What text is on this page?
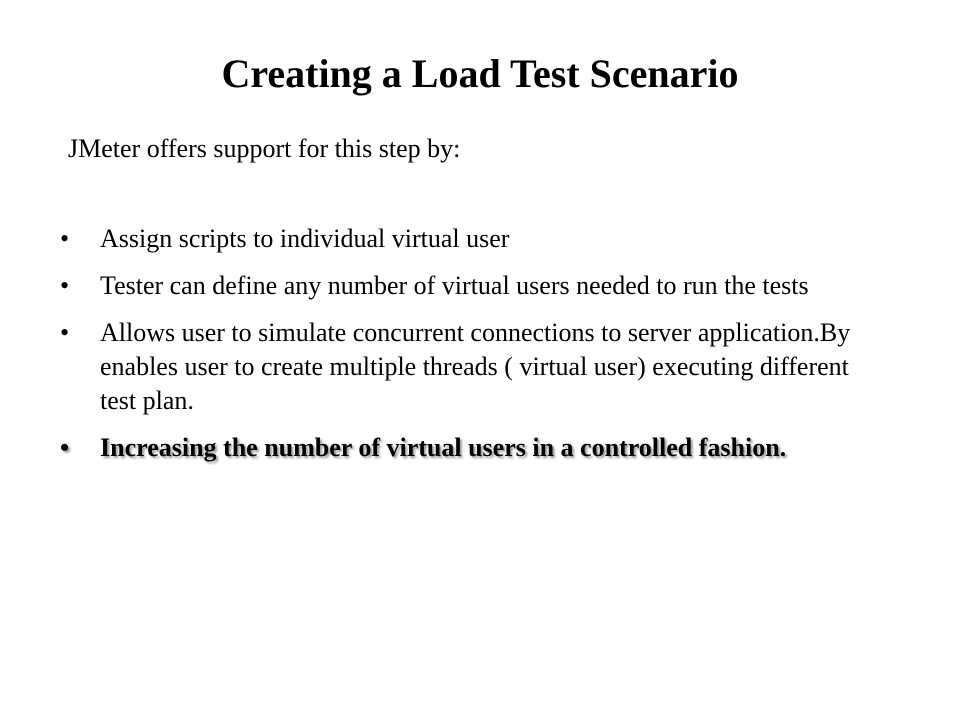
Creating a Load Test Scenario
JMeter offers support for this step by:
•	Assign scripts to individual virtual user
•	Tester can define any number of virtual users needed to run the tests
•	Allows user to simulate concurrent connections to server application.By enables user to create multiple threads ( virtual user) executing different test plan.
•	Increasing the number of virtual users in a controlled fashion.
